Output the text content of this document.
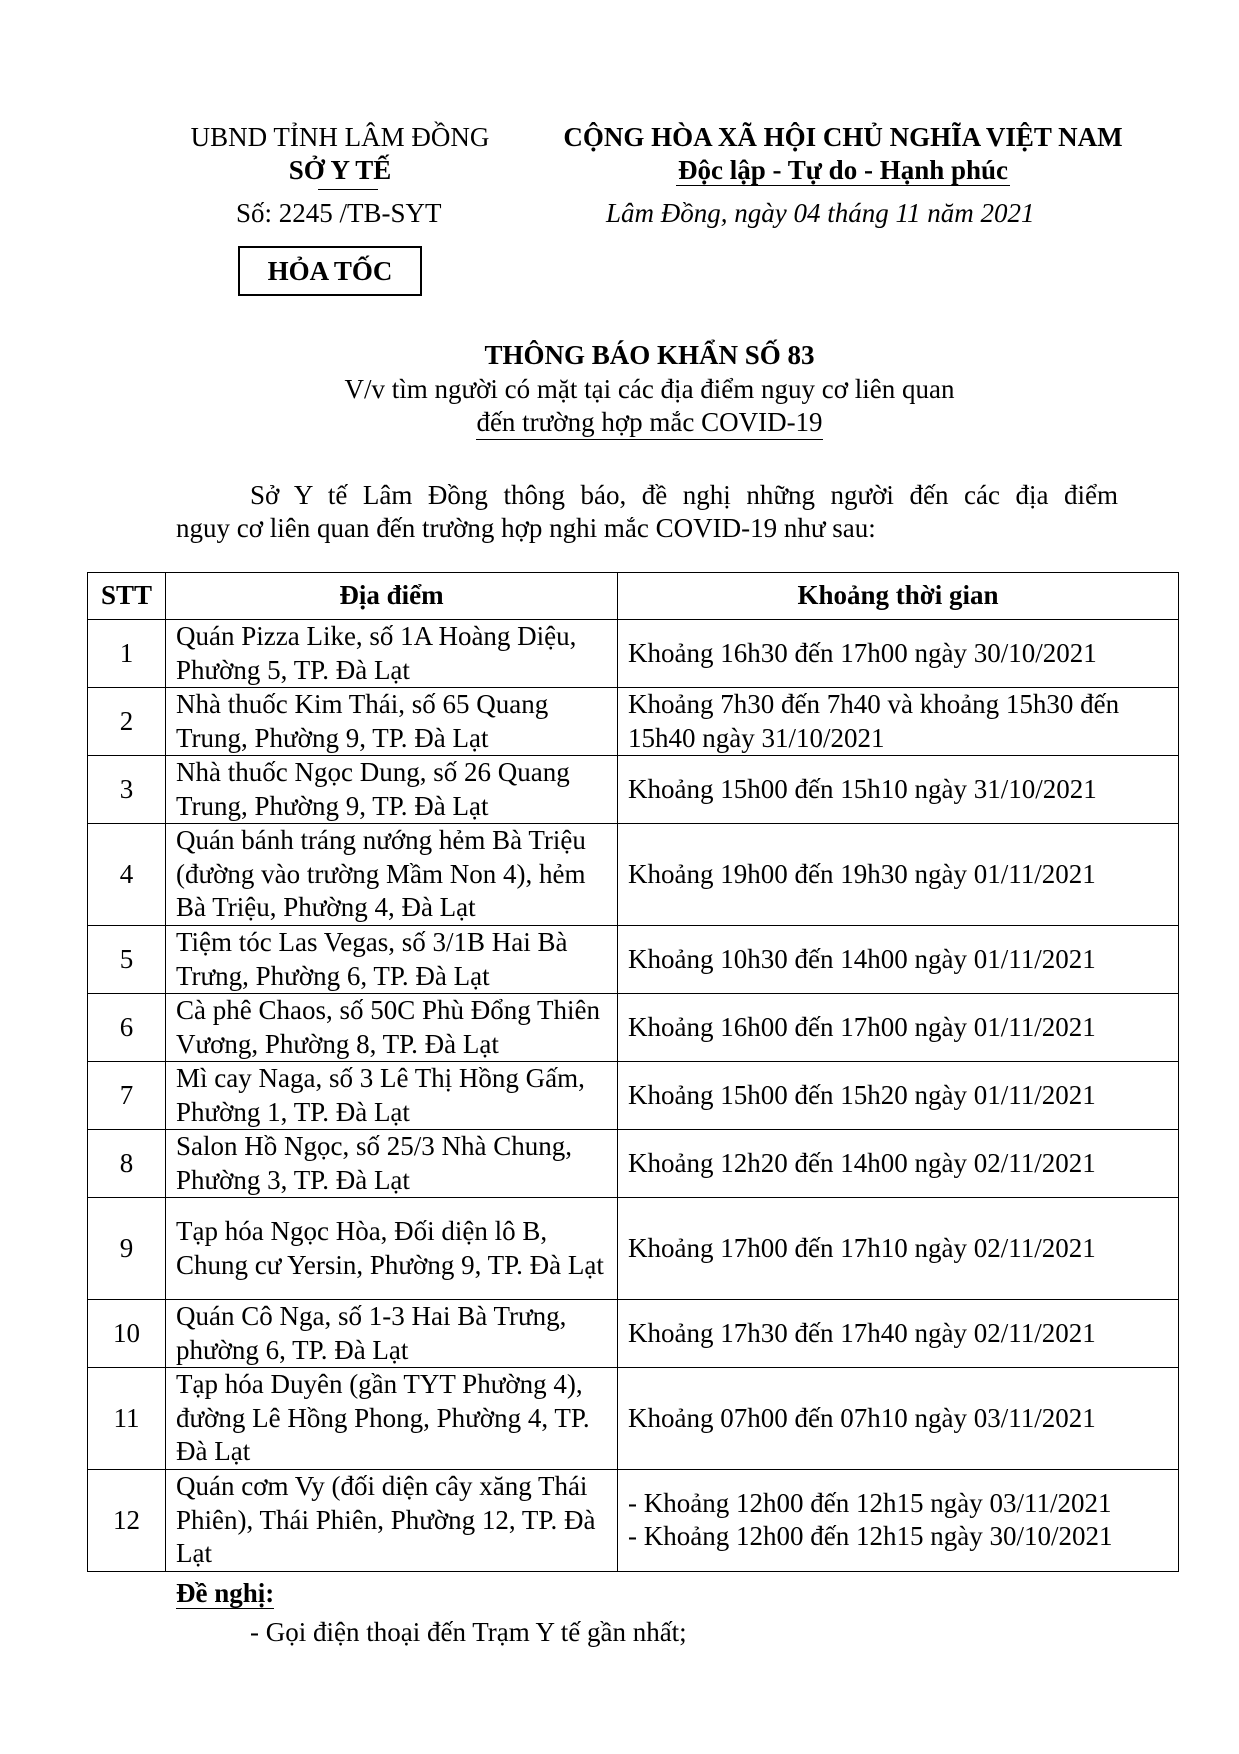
UBND TỈNH LÂM ĐỒNG
SỞ Y TẾ
Số: 2245 /TB-SYT
HỎA TỐC
CỘNG HÒA XÃ HỘI CHỦ NGHĨA VIỆT NAM
Độc lập - Tự do - Hạnh phúc
Lâm Đồng, ngày 04 tháng 11 năm 2021
THÔNG BÁO KHẨN SỐ 83
V/v tìm người có mặt tại các địa điểm nguy cơ liên quan
đến trường hợp mắc COVID-19
Sở Y tế Lâm Đồng thông báo, đề nghị những người đến các địa điểm
nguy cơ liên quan đến trường hợp nghi mắc COVID-19 như sau:
STT	Địa điểm	Khoảng thời gian
1	Quán Pizza Like, số 1A Hoàng Diệu, Phường 5, TP. Đà Lạt	Khoảng 16h30 đến 17h00 ngày 30/10/2021
2	Nhà thuốc Kim Thái, số 65 Quang Trung, Phường 9, TP. Đà Lạt	Khoảng 7h30 đến 7h40 và khoảng 15h30 đến 15h40 ngày 31/10/2021
3	Nhà thuốc Ngọc Dung, số 26 Quang Trung, Phường 9, TP. Đà Lạt	Khoảng 15h00 đến 15h10 ngày 31/10/2021
4	Quán bánh tráng nướng hẻm Bà Triệu (đường vào trường Mầm Non 4), hẻm Bà Triệu, Phường 4, Đà Lạt	Khoảng 19h00 đến 19h30 ngày 01/11/2021
5	Tiệm tóc Las Vegas, số 3/1B Hai Bà Trưng, Phường 6, TP. Đà Lạt	Khoảng 10h30 đến 14h00 ngày 01/11/2021
6	Cà phê Chaos, số 50C Phù Đổng Thiên Vương, Phường 8, TP. Đà Lạt	Khoảng 16h00 đến 17h00 ngày 01/11/2021
7	Mì cay Naga, số 3 Lê Thị Hồng Gấm, Phường 1, TP. Đà Lạt	Khoảng 15h00 đến 15h20 ngày 01/11/2021
8	Salon Hồ Ngọc, số 25/3 Nhà Chung, Phường 3, TP. Đà Lạt	Khoảng 12h20 đến 14h00 ngày 02/11/2021
9	Tạp hóa Ngọc Hòa, Đối diện lô B, Chung cư Yersin, Phường 9, TP. Đà Lạt	Khoảng 17h00 đến 17h10 ngày 02/11/2021
10	Quán Cô Nga, số 1-3 Hai Bà Trưng, phường 6, TP. Đà Lạt	Khoảng 17h30 đến 17h40 ngày 02/11/2021
11	Tạp hóa Duyên (gần TYT Phường 4), đường Lê Hồng Phong, Phường 4, TP. Đà Lạt	Khoảng 07h00 đến 07h10 ngày 03/11/2021
12	Quán cơm Vy (đối diện cây xăng Thái Phiên), Thái Phiên, Phường 12, TP. Đà Lạt	- Khoảng 12h00 đến 12h15 ngày 03/11/2021
- Khoảng 12h00 đến 12h15 ngày 30/10/2021
Đề nghị:
- Gọi điện thoại đến Trạm Y tế gần nhất;
